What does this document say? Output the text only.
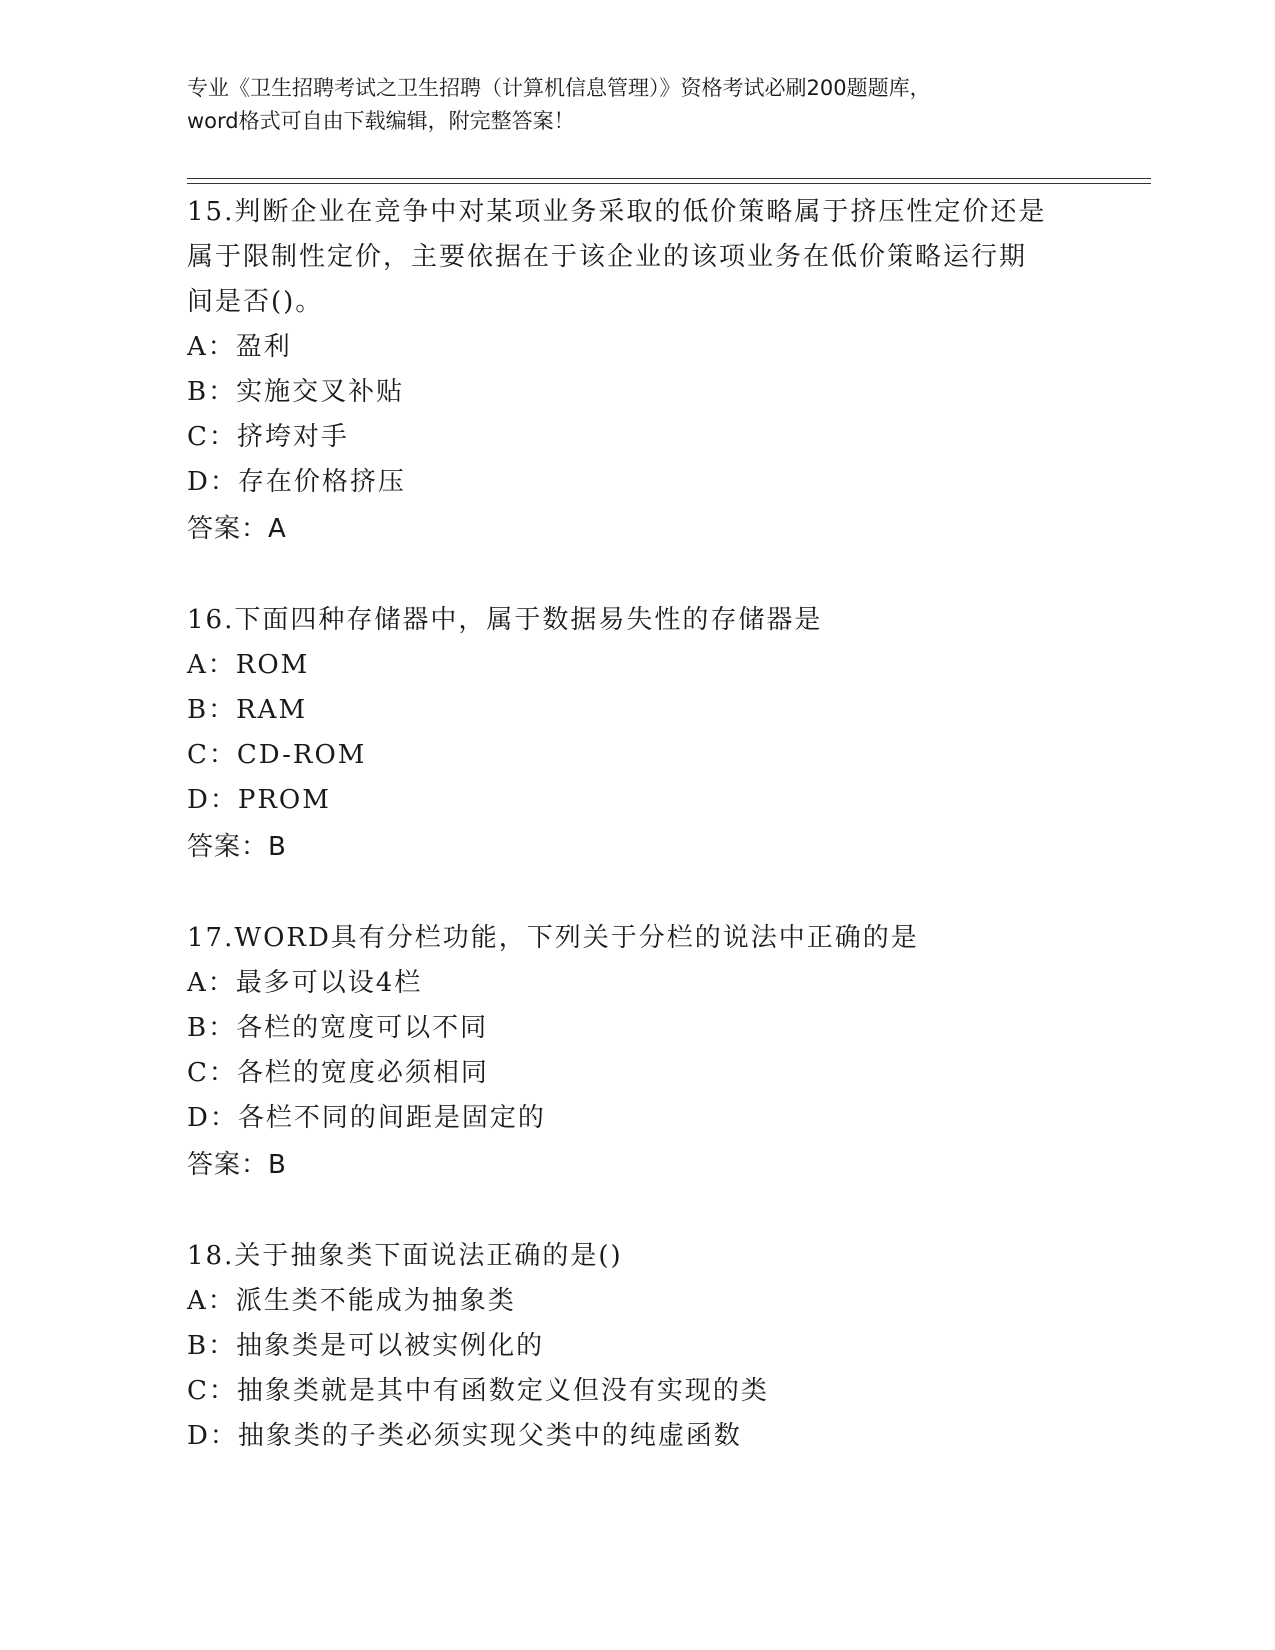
专业《卫生招聘考试之卫生招聘（计算机信息管理）》资格考试必刷200题题库，
word格式可自由下载编辑，附完整答案！

15.判断企业在竞争中对某项业务采取的低价策略属于挤压性定价还是

属于限制性定价，主要依据在于该企业的该项业务在低价策略运行期

间是否()。

A：盈利

B：实施交叉补贴

C：挤垮对手

D：存在价格挤压

答案：A

16.下面四种存储器中，属于数据易失性的存储器是

A：ROM

B：RAM

C：CD-ROM

D：PROM

答案：B

17.WORD具有分栏功能，下列关于分栏的说法中正确的是

A：最多可以设4栏

B：各栏的宽度可以不同

C：各栏的宽度必须相同

D：各栏不同的间距是固定的

答案：B

18.关于抽象类下面说法正确的是()

A：派生类不能成为抽象类

B：抽象类是可以被实例化的

C：抽象类就是其中有函数定义但没有实现的类

D：抽象类的子类必须实现父类中的纯虚函数
